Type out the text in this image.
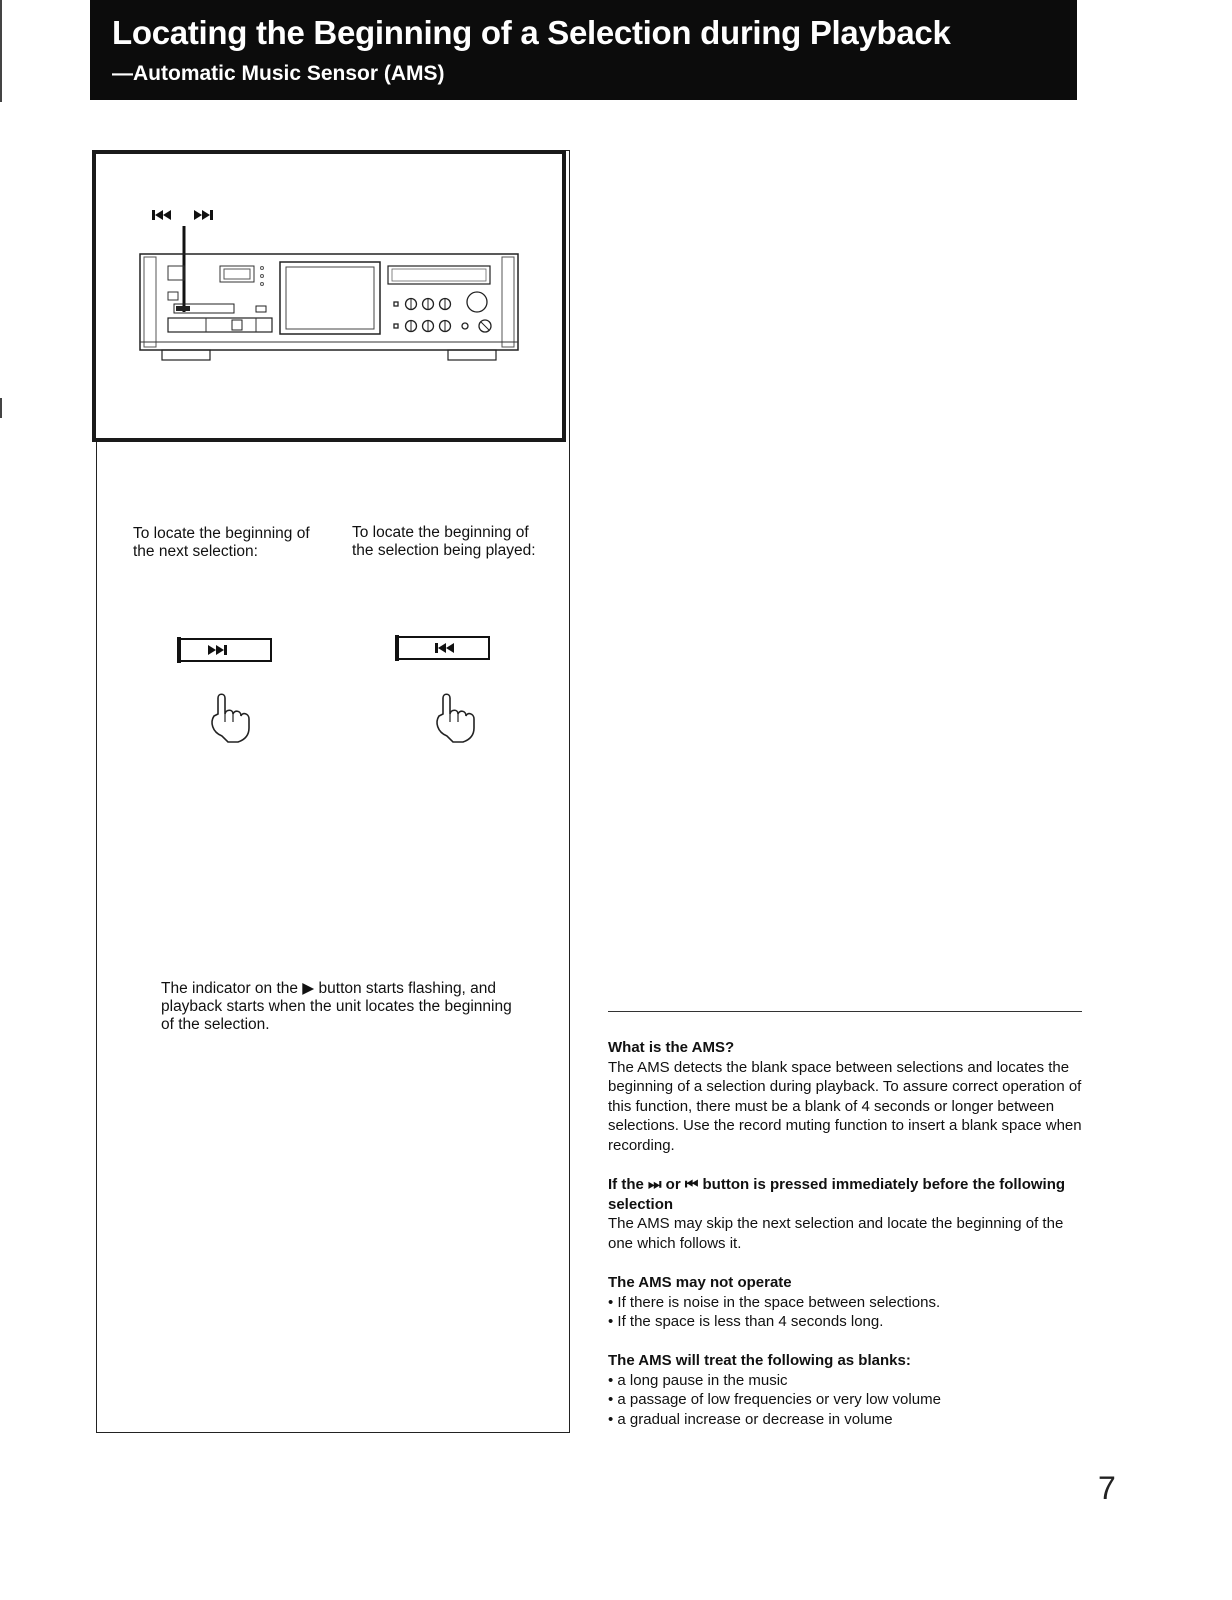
Locating the Beginning of a Selection during Playback
—Automatic Music Sensor (AMS)
To locate the beginning of the next selection:
To locate the beginning of the selection being played:
The indicator on the ▶ button starts flashing, and playback starts when the unit locates the beginning of the selection.

What is the AMS?

The AMS detects the blank space between selections and locates the beginning of a selection during playback. To assure correct operation of this function, there must be a blank of 4 seconds or longer between selections. Use the record muting function to insert a blank space when recording.

If the ⏭ or ⏮ button is pressed immediately before the following selection

The AMS may skip the next selection and locate the beginning of the one which follows it.

The AMS may not operate

• If there is noise in the space between selections.

• If the space is less than 4 seconds long.

The AMS will treat the following as blanks:

• a long pause in the music

• a passage of low frequencies or very low volume

• a gradual increase or decrease in volume

7
